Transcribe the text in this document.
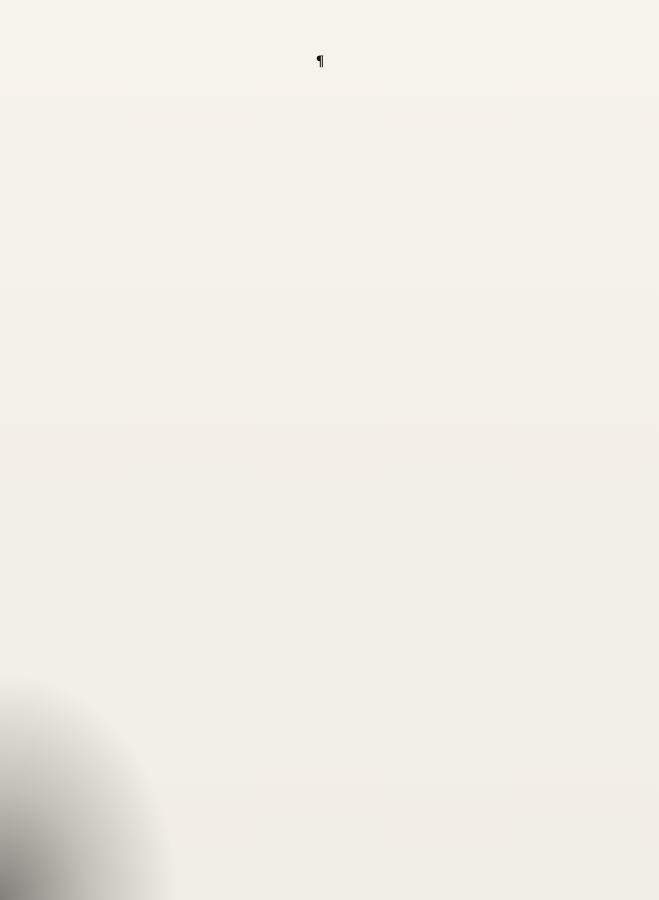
¶
